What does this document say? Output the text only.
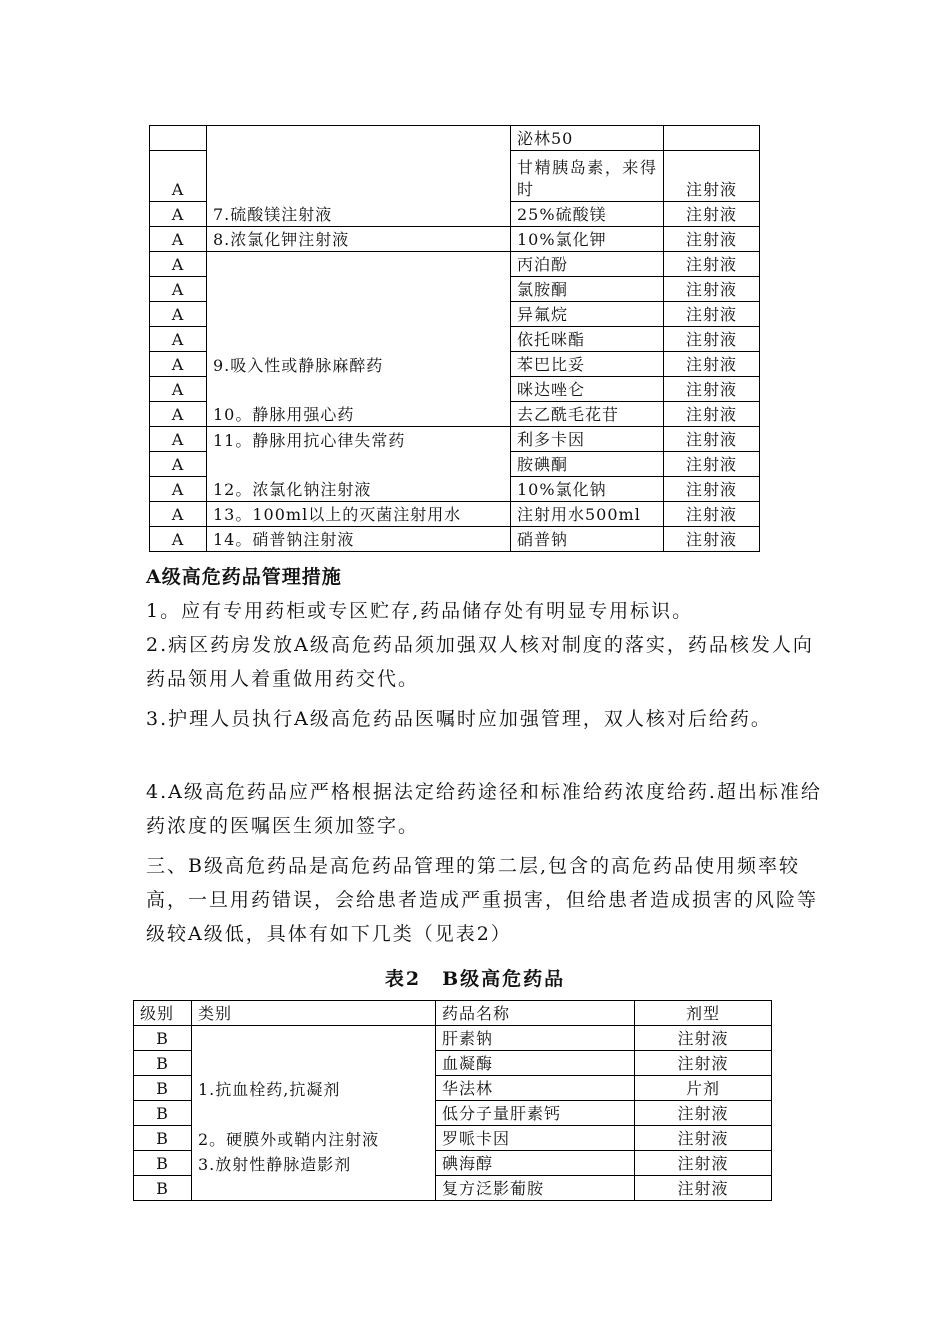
		泌林50	
A		甘精胰岛素，来得时	注射液
A	7.硫酸镁注射液	25%硫酸镁	注射液
A	8.浓氯化钾注射液	10%氯化钾	注射液
A		丙泊酚	注射液
A		氯胺酮	注射液
A		异氟烷	注射液
A		依托咪酯	注射液
A	9.吸入性或静脉麻醉药	苯巴比妥	注射液
A		咪达唑仑	注射液
A	10。静脉用强心药	去乙酰毛花苷	注射液
A	11。静脉用抗心律失常药	利多卡因	注射液
A		胺碘酮	注射液
A	12。浓氯化钠注射液	10%氯化钠	注射液
A	13。100ml以上的灭菌注射用水	注射用水500ml	注射液
A	14。硝普钠注射液	硝普钠	注射液
A级高危药品管理措施
1。应有专用药柜或专区贮存,药品储存处有明显专用标识。
2.病区药房发放A级高危药品须加强双人核对制度的落实，药品核发人向药品领用人着重做用药交代。
3.护理人员执行A级高危药品医嘱时应加强管理，双人核对后给药。
4.A级高危药品应严格根据法定给药途径和标准给药浓度给药.超出标准给药浓度的医嘱医生须加签字。
三、B级高危药品是高危药品管理的第二层,包含的高危药品使用频率较高，一旦用药错误，会给患者造成严重损害，但给患者造成损害的风险等级较A级低，具体有如下几类（见表2）
表2　B级高危药品
级别	类别	药品名称	剂型
B		肝素钠	注射液
B		血凝酶	注射液
B	1.抗血栓药,抗凝剂	华法林	片剂
B		低分子量肝素钙	注射液
B	2。硬膜外或鞘内注射液	罗哌卡因	注射液
B	3.放射性静脉造影剂	碘海醇	注射液
B		复方泛影葡胺	注射液
